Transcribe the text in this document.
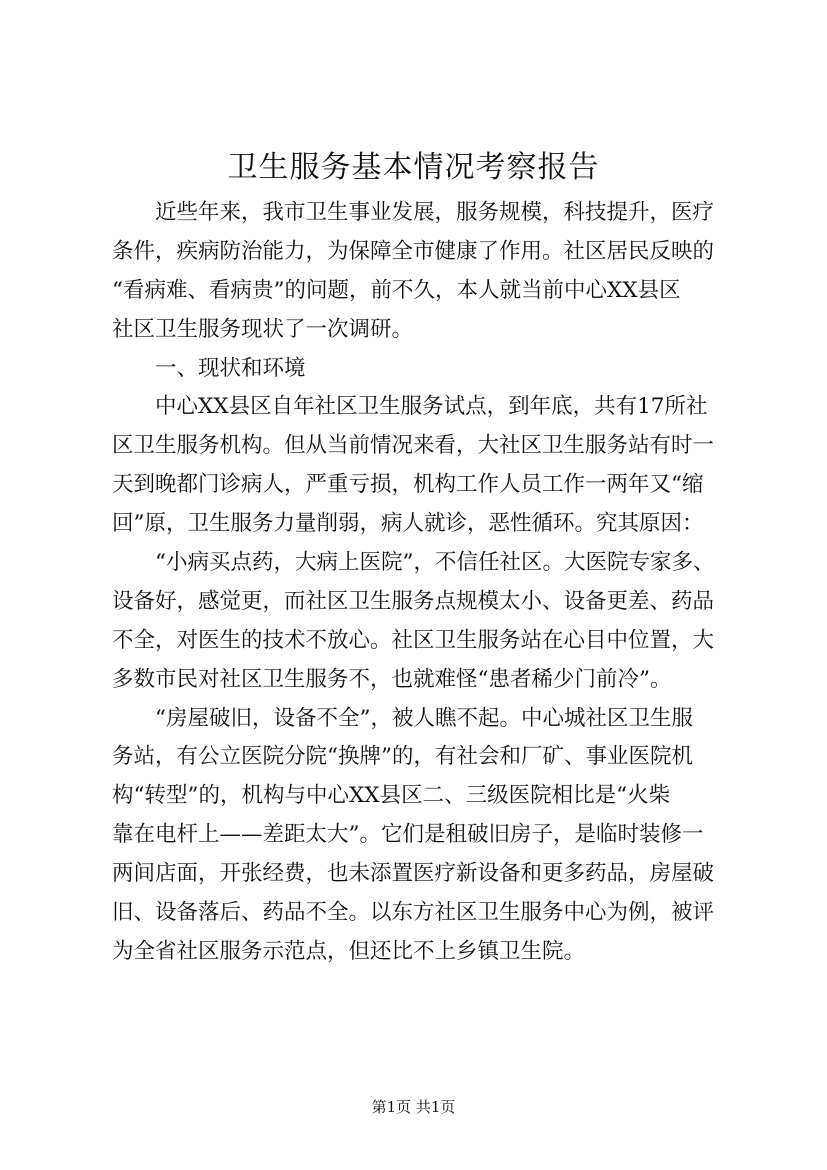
卫生服务基本情况考察报告
近些年来，我市卫生事业发展，服务规模，科技提升，医疗
条件，疾病防治能力，为保障全市健康了作用。社区居民反映的
“看病难、看病贵”的问题，前不久，本人就当前中心XX县区
社区卫生服务现状了一次调研。
一、现状和环境
中心XX县区自年社区卫生服务试点，到年底，共有17所社
区卫生服务机构。但从当前情况来看，大社区卫生服务站有时一
天到晚都门诊病人，严重亏损，机构工作人员工作一两年又“缩
回”原，卫生服务力量削弱，病人就诊，恶性循环。究其原因：
“小病买点药，大病上医院”，不信任社区。大医院专家多、
设备好，感觉更，而社区卫生服务点规模太小、设备更差、药品
不全，对医生的技术不放心。社区卫生服务站在心目中位置，大
多数市民对社区卫生服务不，也就难怪“患者稀少门前冷”。
“房屋破旧，设备不全”，被人瞧不起。中心城社区卫生服
务站，有公立医院分院“换牌”的，有社会和厂矿、事业医院机
构“转型”的，机构与中心XX县区二、三级医院相比是“火柴
靠在电杆上——差距太大”。它们是租破旧房子，是临时装修一
两间店面，开张经费，也未添置医疗新设备和更多药品，房屋破
旧、设备落后、药品不全。以东方社区卫生服务中心为例，被评
为全省社区服务示范点，但还比不上乡镇卫生院。
第1页 共1页
